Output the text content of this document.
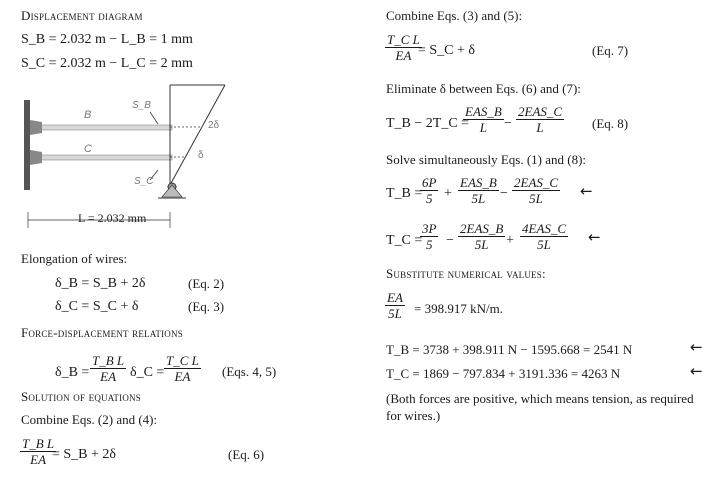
Displacement diagram
S_B = 2.032 m − L_B = 1 mm
S_C = 2.032 m − L_C = 2 mm
B
C
S_B
S_C
2δ
δ
L = 2.032 mm
Elongation of wires:
δ_B = S_B + 2δ	(Eq. 2)
δ_C = S_C + δ	(Eq. 3)
Force-displacement relations
δ_B = $\frac{\text{T\_B L}}{EA}$ δ_C = $\frac{\text{T\_C L}}{EA} (Eqs$. 4, 5)
Solution of equations
Combine Eqs. (2) and (4):
$\frac{\text{T\_B L}}{EA}$
= S_B + 2δ	(Eq. 6)
Combine Eqs. (3) and (5):
$\frac{\text{T\_C L}}{EA}$
= S_C + δ	(Eq. 7)
Eliminate δ between Eqs. (6) and (7):
T_B − 2T_C =
EAS_B
L	−
2EAS_C
L	(Eq. 8)
Solve simultaneously Eqs. (1) and (8):
T_B =
$\frac{6P}{5}$ +
EAS_B
5L	−
2EAS_C
5L	←
T_C =
$\frac{3P}{5}$ −
2EAS_B
5L	+
4EAS_C
5L	←
Substitute numerical values:
$\frac{EA}{5L} = 398.917$ kN/m.
T_B = 3738 + 398.911 N − 1595.668 = 2541 N	←
T_C = 1869 − 797.834 + 3191.336 = 4263 N	←
(Both forces are positive, which means tension, as required for wires.)
